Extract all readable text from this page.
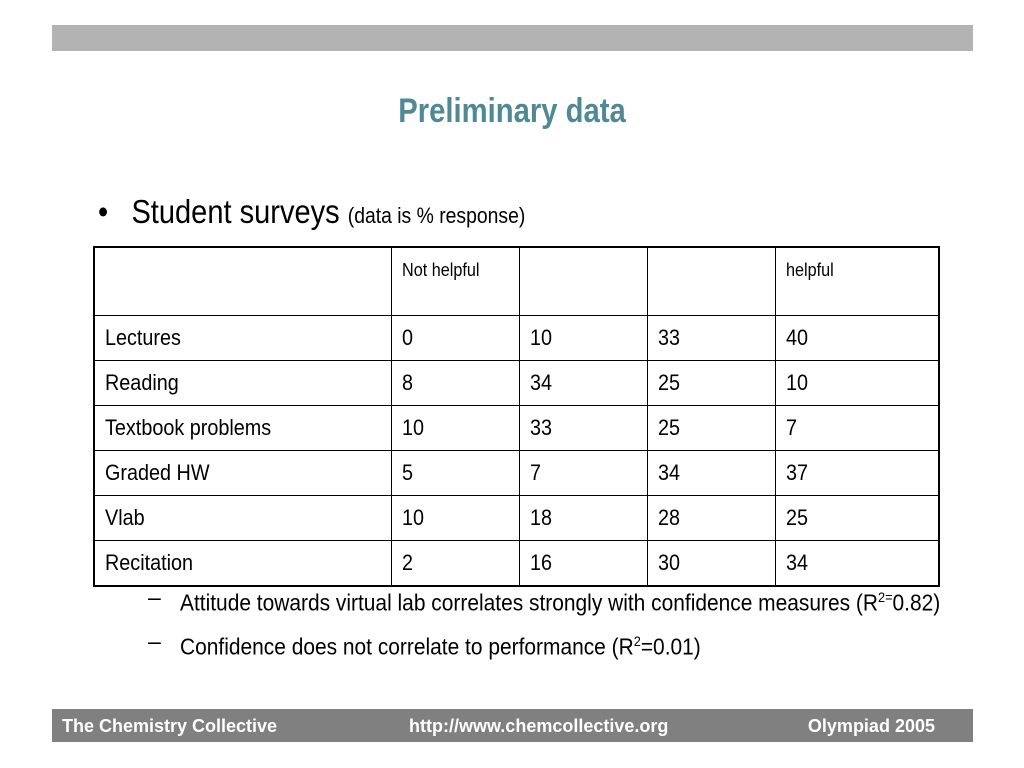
Preliminary data
• Student surveys (data is % response)
	Not helpful			helpful
Lectures	0	10	33	40
Reading	8	34	25	10
Textbook problems	10	33	25	7
Graded HW	5	7	34	37
Vlab	10	18	28	25
Recitation	2	16	30	34
– Attitude towards virtual lab correlates strongly with confidence measures $(R^{2=}0.82)$
– Confidence does not correlate to performance $(R^2=0.01)$
The Chemistry Collective	http://www.chemcollective.org	Olympiad 2005
